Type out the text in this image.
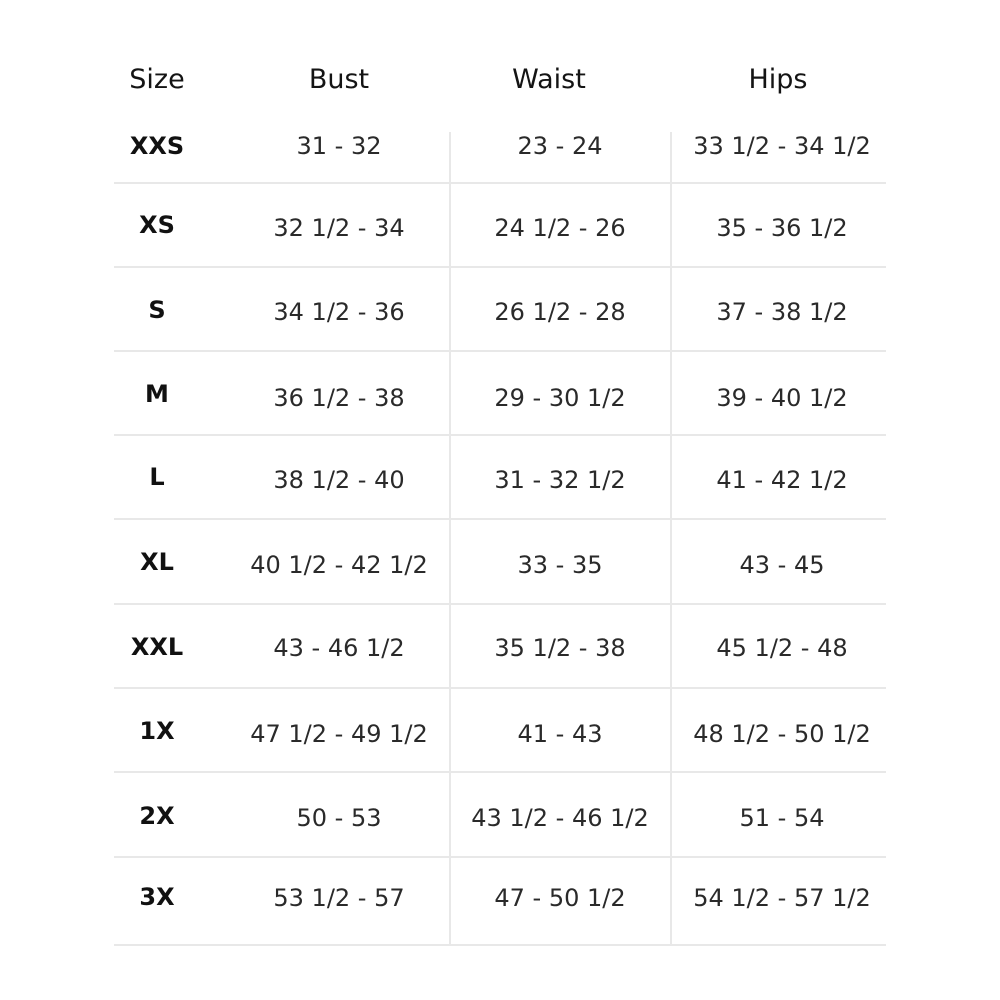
Size	Bust	Waist	Hips
XXS	31 - 32	23 - 24	33 1/2 - 34 1/2
XS	32 1/2 - 34	24 1/2 - 26	35 - 36 1/2
S	34 1/2 - 36	26 1/2 - 28	37 - 38 1/2
M	36 1/2 - 38	29 - 30 1/2	39 - 40 1/2
L	38 1/2 - 40	31 - 32 1/2	41 - 42 1/2
XL	40 1/2 - 42 1/2	33 - 35	43 - 45
XXL	43 - 46 1/2	35 1/2 - 38	45 1/2 - 48
1X	47 1/2 - 49 1/2	41 - 43	48 1/2 - 50 1/2
2X	50 - 53	43 1/2 - 46 1/2	51 - 54
3X	53 1/2 - 57	47 - 50 1/2	54 1/2 - 57 1/2
